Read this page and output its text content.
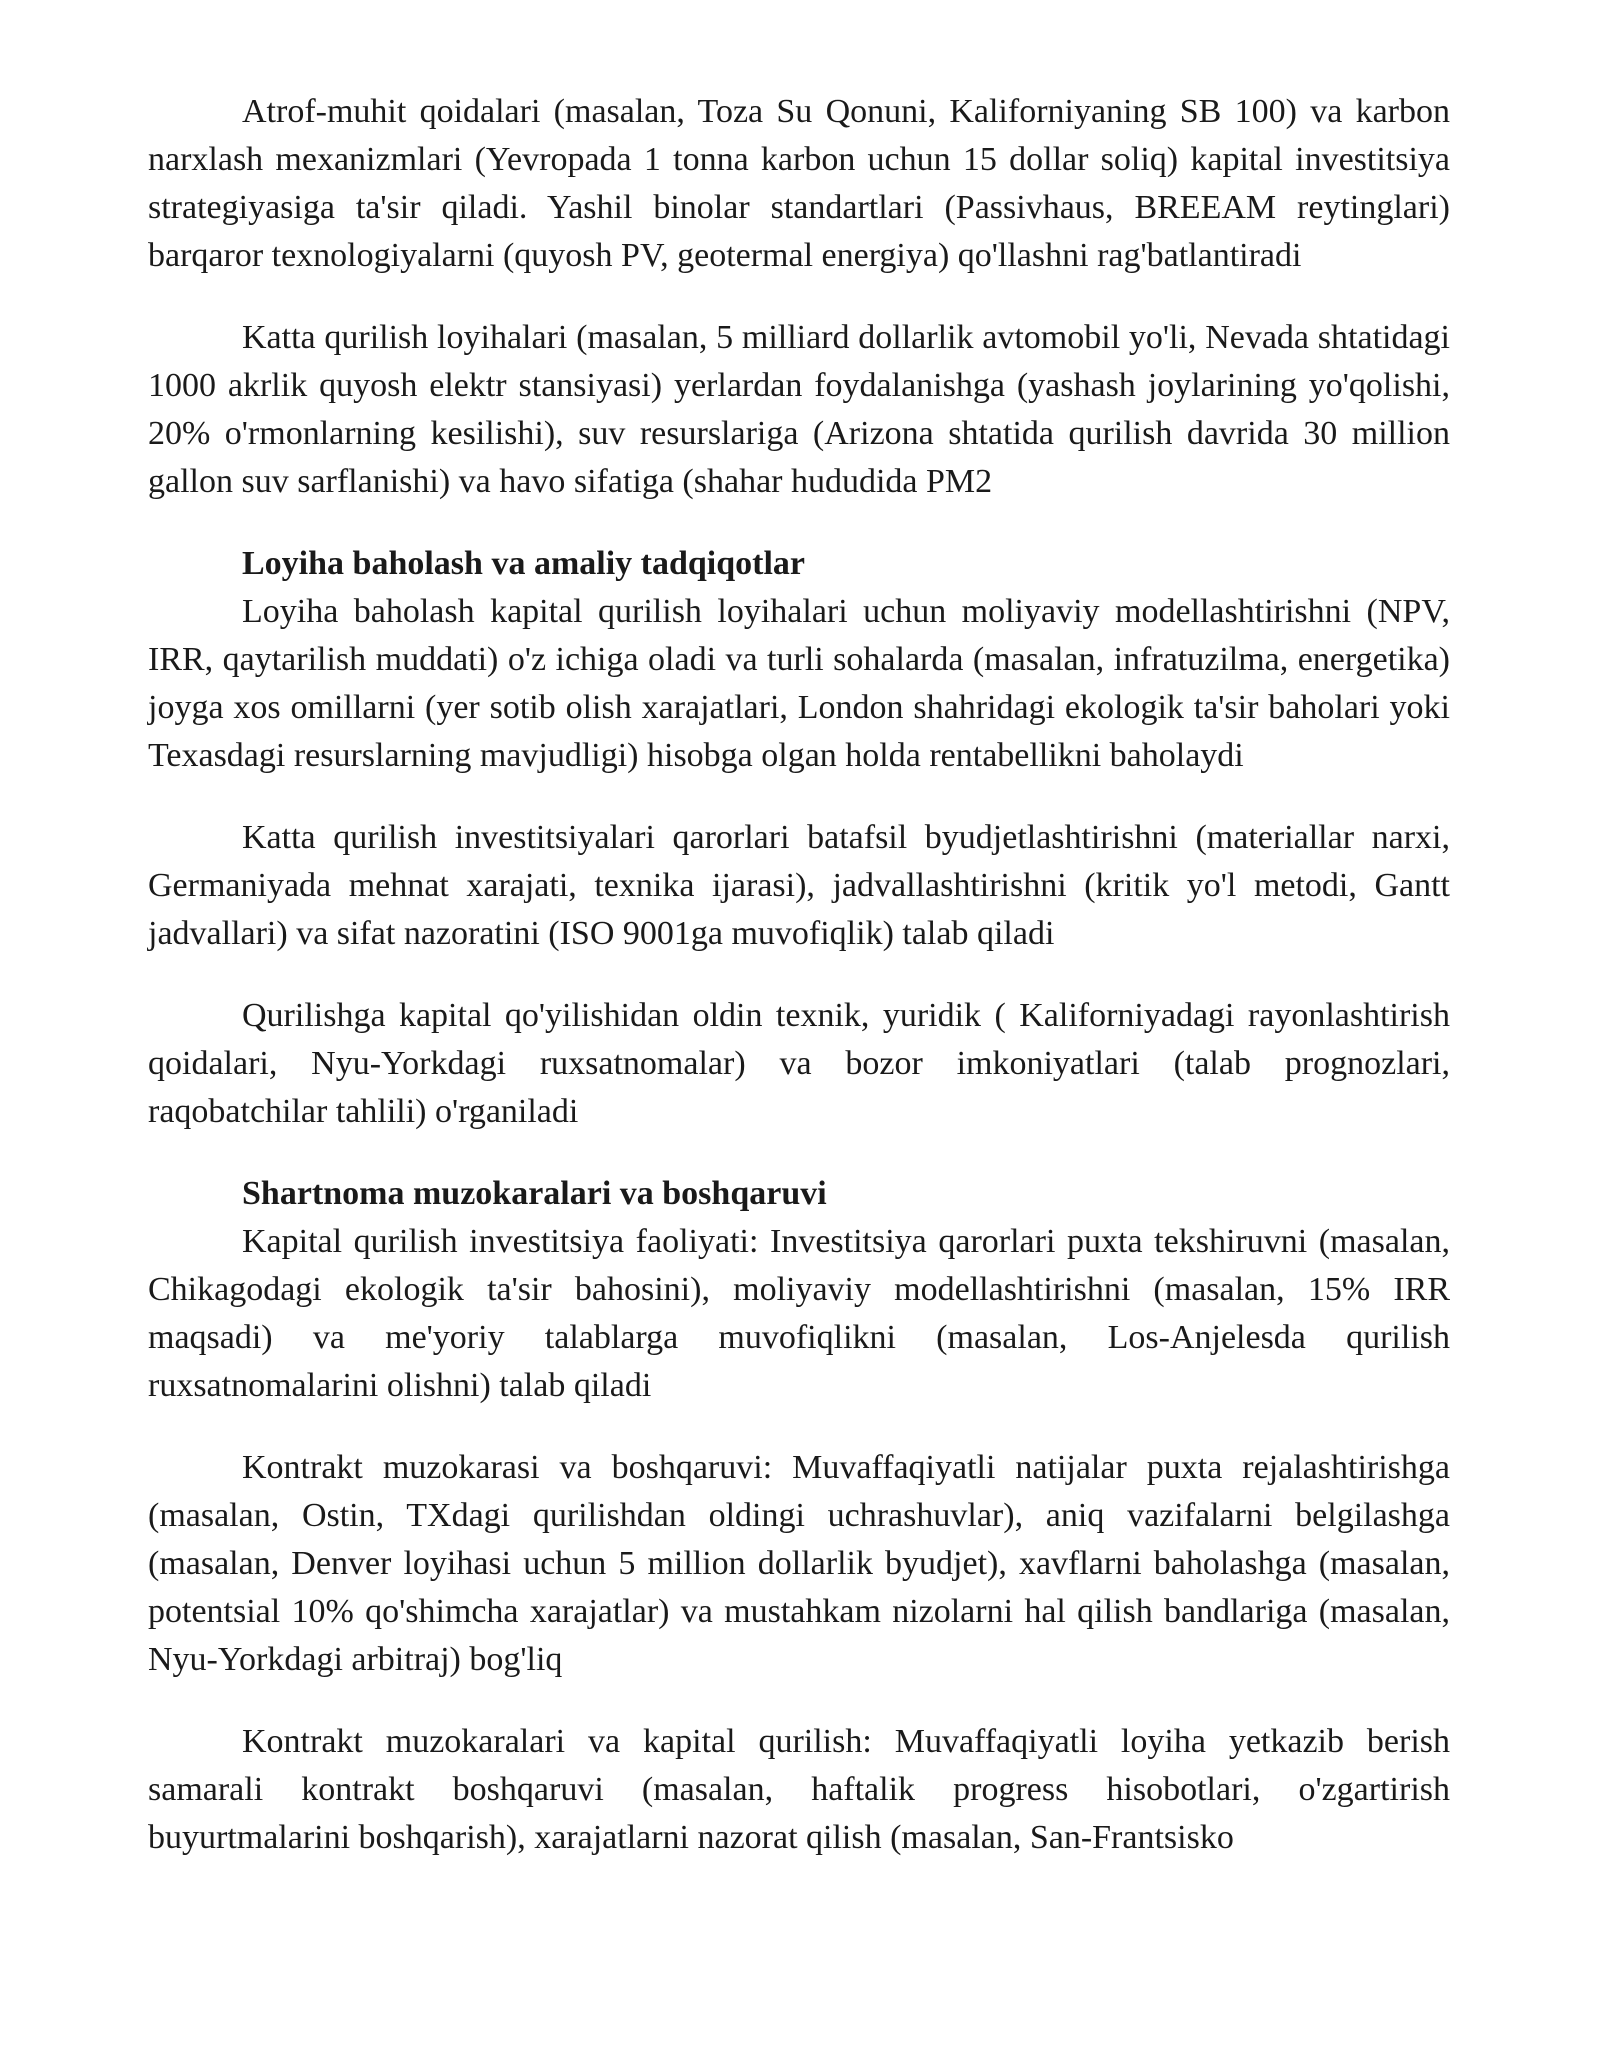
Atrof-muhit qoidalari (masalan, Toza Su Qonuni, Kaliforniyaning SB 100) va karbon narxlash mexanizmlari (Yevropada 1 tonna karbon uchun 15 dollar soliq) kapital investitsiya strategiyasiga ta'sir qiladi. Yashil binolar standartlari (Passivhaus, BREEAM reytinglari) barqaror texnologiyalarni (quyosh PV, geotermal energiya) qo'llashni rag'batlantiradi

Katta qurilish loyihalari (masalan, 5 milliard dollarlik avtomobil yo'li, Nevada shtatidagi 1000 akrlik quyosh elektr stansiyasi) yerlardan foydalanishga (yashash joylarining yo'qolishi, 20% o'rmonlarning kesilishi), suv resurslariga (Arizona shtatida qurilish davrida 30 million gallon suv sarflanishi) va havo sifatiga (shahar hududida PM2

Loyiha baholash va amaliy tadqiqotlar

Loyiha baholash kapital qurilish loyihalari uchun moliyaviy modellashtirishni (NPV, IRR, qaytarilish muddati) o'z ichiga oladi va turli sohalarda (masalan, infratuzilma, energetika) joyga xos omillarni (yer sotib olish xarajatlari, London shahridagi ekologik ta'sir baholari yoki Texasdagi resurslarning mavjudligi) hisobga olgan holda rentabellikni baholaydi

Katta qurilish investitsiyalari qarorlari batafsil byudjetlashtirishni (materiallar narxi, Germaniyada mehnat xarajati, texnika ijarasi), jadvallashtirishni (kritik yo'l metodi, Gantt jadvallari) va sifat nazoratini (ISO 9001ga muvofiqlik) talab qiladi

Qurilishga kapital qo'yilishidan oldin texnik, yuridik ( Kaliforniyadagi rayonlashtirish qoidalari, Nyu-Yorkdagi ruxsatnomalar) va bozor imkoniyatlari (talab prognozlari, raqobatchilar tahlili) o'rganiladi

Shartnoma muzokaralari va boshqaruvi

Kapital qurilish investitsiya faoliyati: Investitsiya qarorlari puxta tekshiruvni (masalan, Chikagodagi ekologik ta'sir bahosini), moliyaviy modellashtirishni (masalan, 15% IRR maqsadi) va me'yoriy talablarga muvofiqlikni (masalan, Los-Anjelesda qurilish ruxsatnomalarini olishni) talab qiladi

Kontrakt muzokarasi va boshqaruvi: Muvaffaqiyatli natijalar puxta rejalashtirishga (masalan, Ostin, TXdagi qurilishdan oldingi uchrashuvlar), aniq vazifalarni belgilashga (masalan, Denver loyihasi uchun 5 million dollarlik byudjet), xavflarni baholashga (masalan, potentsial 10% qo'shimcha xarajatlar) va mustahkam nizolarni hal qilish bandlariga (masalan, Nyu-Yorkdagi arbitraj) bog'liq

Kontrakt muzokaralari va kapital qurilish: Muvaffaqiyatli loyiha yetkazib berish samarali kontrakt boshqaruvi (masalan, haftalik progress hisobotlari, o'zgartirish buyurtmalarini boshqarish), xarajatlarni nazorat qilish (masalan, San-Frantsisko
